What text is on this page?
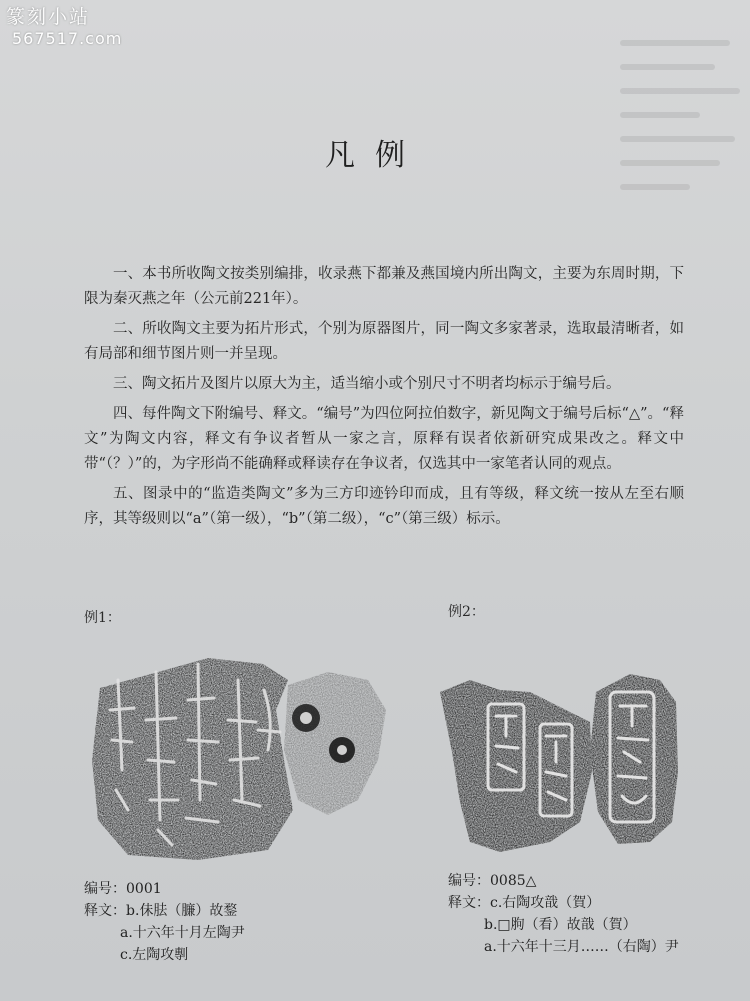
篆刻小站
567517.com
凡例

一、本书所收陶文按类别编排，收录燕下都兼及燕国境内所出陶文，主要为东周时期，下限为秦灭燕之年（公元前221年）。

二、所收陶文主要为拓片形式，个别为原器图片，同一陶文多家著录，选取最清晰者，如有局部和细节图片则一并呈现。

三、陶文拓片及图片以原大为主，适当缩小或个别尺寸不明者均标示于编号后。

四、每件陶文下附编号、释文。“编号”为四位阿拉伯数字，新见陶文于编号后标“△”。“释文”为陶文内容，释文有争议者暂从一家之言，原释有误者依新研究成果改之。释文中带“（？）”的，为字形尚不能确释或释读存在争议者，仅选其中一家笔者认同的观点。

五、图录中的“监造类陶文”多为三方印迹钤印而成，且有等级，释文统一按从左至右顺序，其等级则以“a”（第一级），“b”（第二级），“c”（第三级）标示。

例1：
编号：0001
释文：b.佅胠（臁）故鍪
a.十六年十月左陶尹
c.左陶攻剸
例2：
编号：0085△
释文：c.右陶攻戠（賀）
b.□胊（看）故戠（賀）
a.十六年十三月……（右陶）尹
